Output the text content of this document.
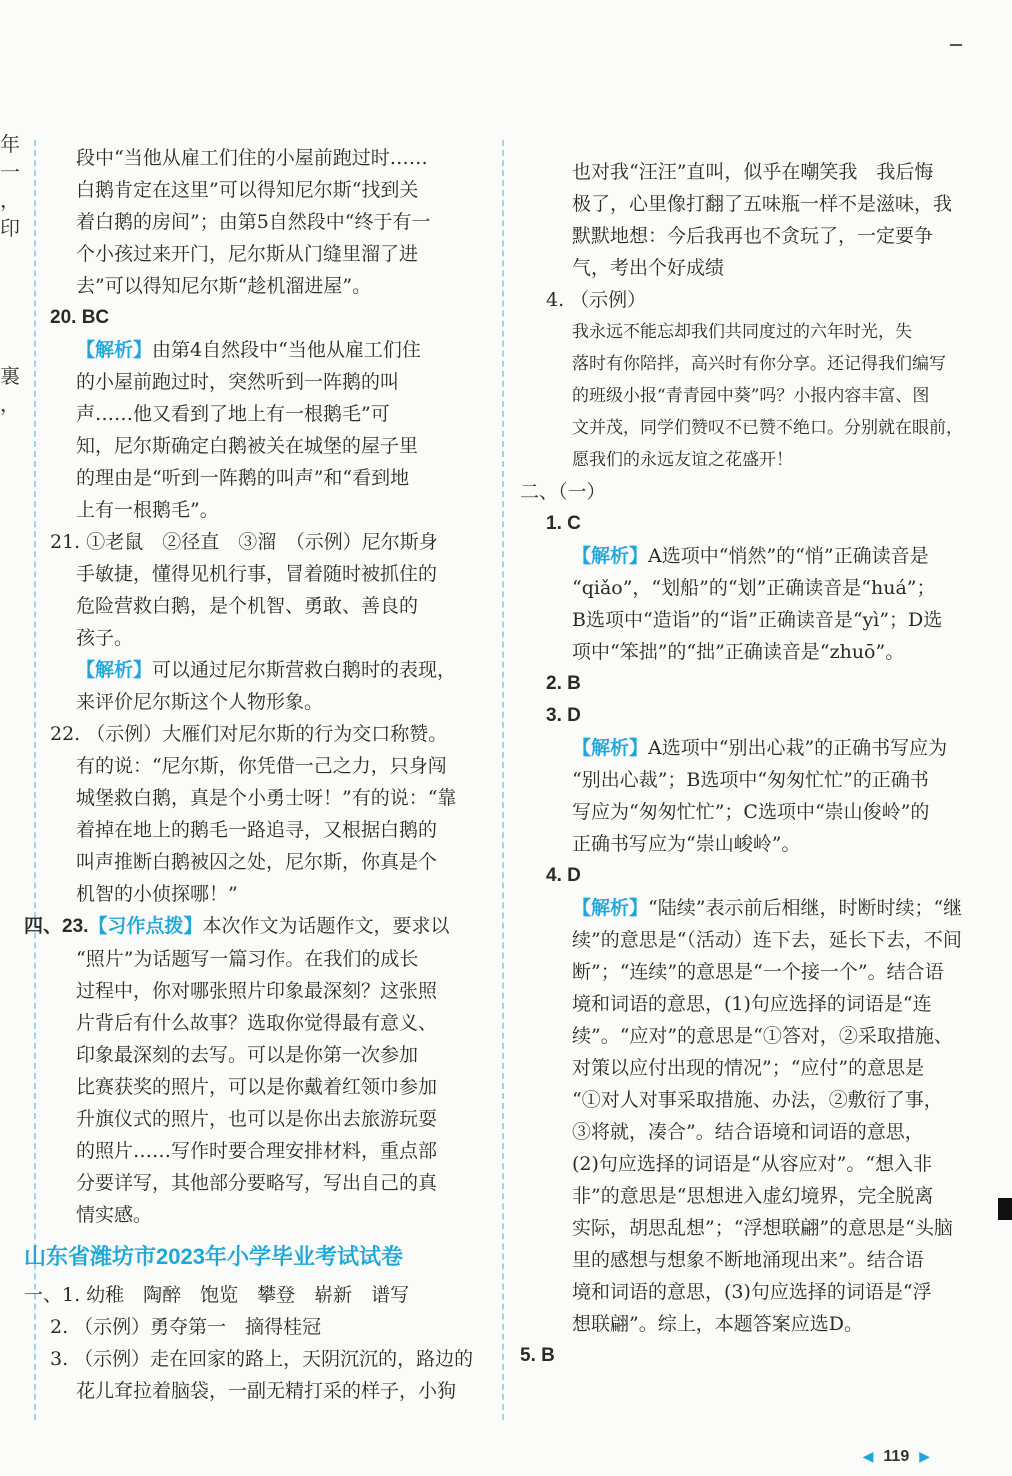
年
一
，
印
裏
，

段中“当他从雇工们住的小屋前跑过时……

白鹅肯定在这里”可以得知尼尔斯“找到关

着白鹅的房间”；由第5自然段中“终于有一

个小孩过来开门，尼尔斯从门缝里溜了进

去”可以得知尼尔斯“趁机溜进屋”。

20. BC

【解析】由第4自然段中“当他从雇工们住

的小屋前跑过时，突然听到一阵鹅的叫

声……他又看到了地上有一根鹅毛”可

知，尼尔斯确定白鹅被关在城堡的屋子里

的理由是“听到一阵鹅的叫声”和“看到地

上有一根鹅毛”。

21. ①老鼠　②径直　③溜　（示例）尼尔斯身

手敏捷，懂得见机行事，冒着随时被抓住的

危险营救白鹅，是个机智、勇敢、善良的

孩子。

【解析】可以通过尼尔斯营救白鹅时的表现，

来评价尼尔斯这个人物形象。

22. （示例）大雁们对尼尔斯的行为交口称赞。

有的说：“尼尔斯，你凭借一己之力，只身闯

城堡救白鹅，真是个小勇士呀！”有的说：“靠

着掉在地上的鹅毛一路追寻，又根据白鹅的

叫声推断白鹅被囚之处，尼尔斯，你真是个

机智的小侦探哪！”

四、23.【习作点拨】本次作文为话题作文，要求以

“照片”为话题写一篇习作。在我们的成长

过程中，你对哪张照片印象最深刻？这张照

片背后有什么故事？选取你觉得最有意义、

印象最深刻的去写。可以是你第一次参加

比赛获奖的照片，可以是你戴着红领巾参加

升旗仪式的照片，也可以是你出去旅游玩耍

的照片……写作时要合理安排材料，重点部

分要详写，其他部分要略写，写出自己的真

情实感。

山东省潍坊市2023年小学毕业考试试卷

一、1. 幼稚　陶醉　饱览　攀登　崭新　谱写

2. （示例）勇夺第一　摘得桂冠

3. （示例）走在回家的路上，天阴沉沉的，路边的

花儿耷拉着脑袋，一副无精打采的样子，小狗

也对我“汪汪”直叫，似乎在嘲笑我　我后悔

极了，心里像打翻了五味瓶一样不是滋味，我

默默地想：今后我再也不贪玩了，一定要争

气，考出个好成绩

4. （示例）

我永远不能忘却我们共同度过的六年时光，失

落时有你陪拌，高兴时有你分享。还记得我们编写

的班级小报“青青园中葵”吗？小报内容丰富、图

文并茂，同学们赞叹不已赞不绝口。分别就在眼前，

愿我们的永远友谊之花盛开！

二、（一）

1. C

【解析】A选项中“悄然”的“悄”正确读音是

“qiǎo”，“划船”的“划”正确读音是“huá”；

B选项中“造诣”的“诣”正确读音是“yì”；D选

项中“笨拙”的“拙”正确读音是“zhuō”。

2. B

3. D

【解析】A选项中“别出心栽”的正确书写应为

“别出心裁”；B选项中“匆匆忙忙”的正确书

写应为“匆匆忙忙”；C选项中“崇山俊岭”的

正确书写应为“崇山峻岭”。

4. D

【解析】“陆续”表示前后相继，时断时续；“继

续”的意思是“（活动）连下去，延长下去，不间

断”；“连续”的意思是“一个接一个”。结合语

境和词语的意思，(1)句应选择的词语是“连

续”。“应对”的意思是“①答对，②采取措施、

对策以应付出现的情况”；“应付”的意思是

“①对人对事采取措施、办法，②敷衍了事，

③将就，凑合”。结合语境和词语的意思，

(2)句应选择的词语是“从容应对”。“想入非

非”的意思是“思想进入虚幻境界，完全脱离

实际，胡思乱想”；“浮想联翩”的意思是“头脑

里的感想与想象不断地涌现出来”。结合语

境和词语的意思，(3)句应选择的词语是“浮

想联翩”。综上，本题答案应选D。

5. B

◀ 119 ▶
